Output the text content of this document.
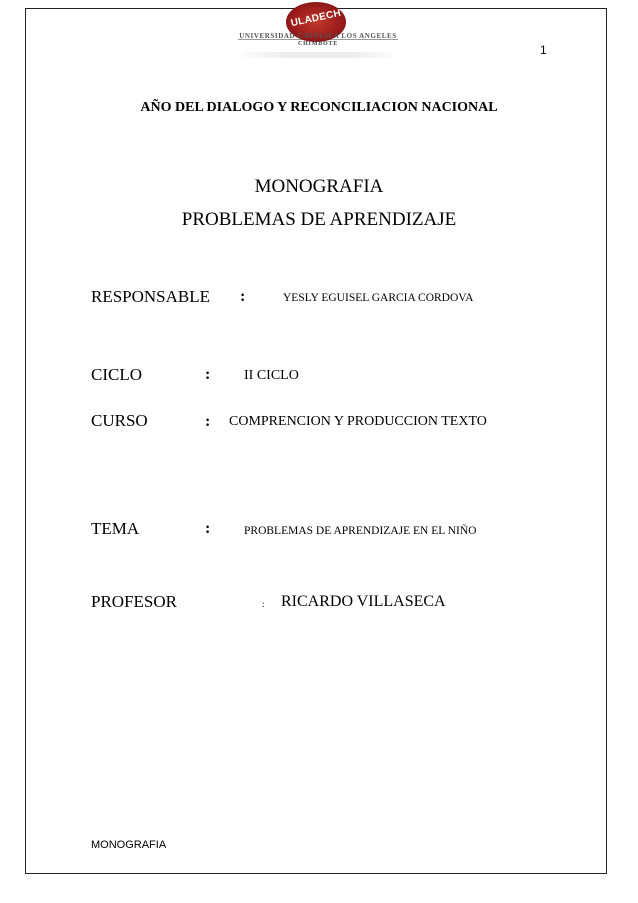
ULADECH
UNIVERSIDAD CATOLICA LOS ANGELES
CHIMBOTE	1
AÑO DEL DIALOGO Y RECONCILIACION NACIONAL
MONOGRAFIA
PROBLEMAS DE APRENDIZAJE
RESPONSABLE :	YESLY EGUISEL GARCIA CORDOVA
CICLO	: II CICLO
CURSO	: COMPRENCION Y PRODUCCION TEXTO
TEMA	:	PROBLEMAS DE APRENDIZAJE EN EL NIÑO
PROFESOR	: RICARDO VILLASECA
MONOGRAFIA
